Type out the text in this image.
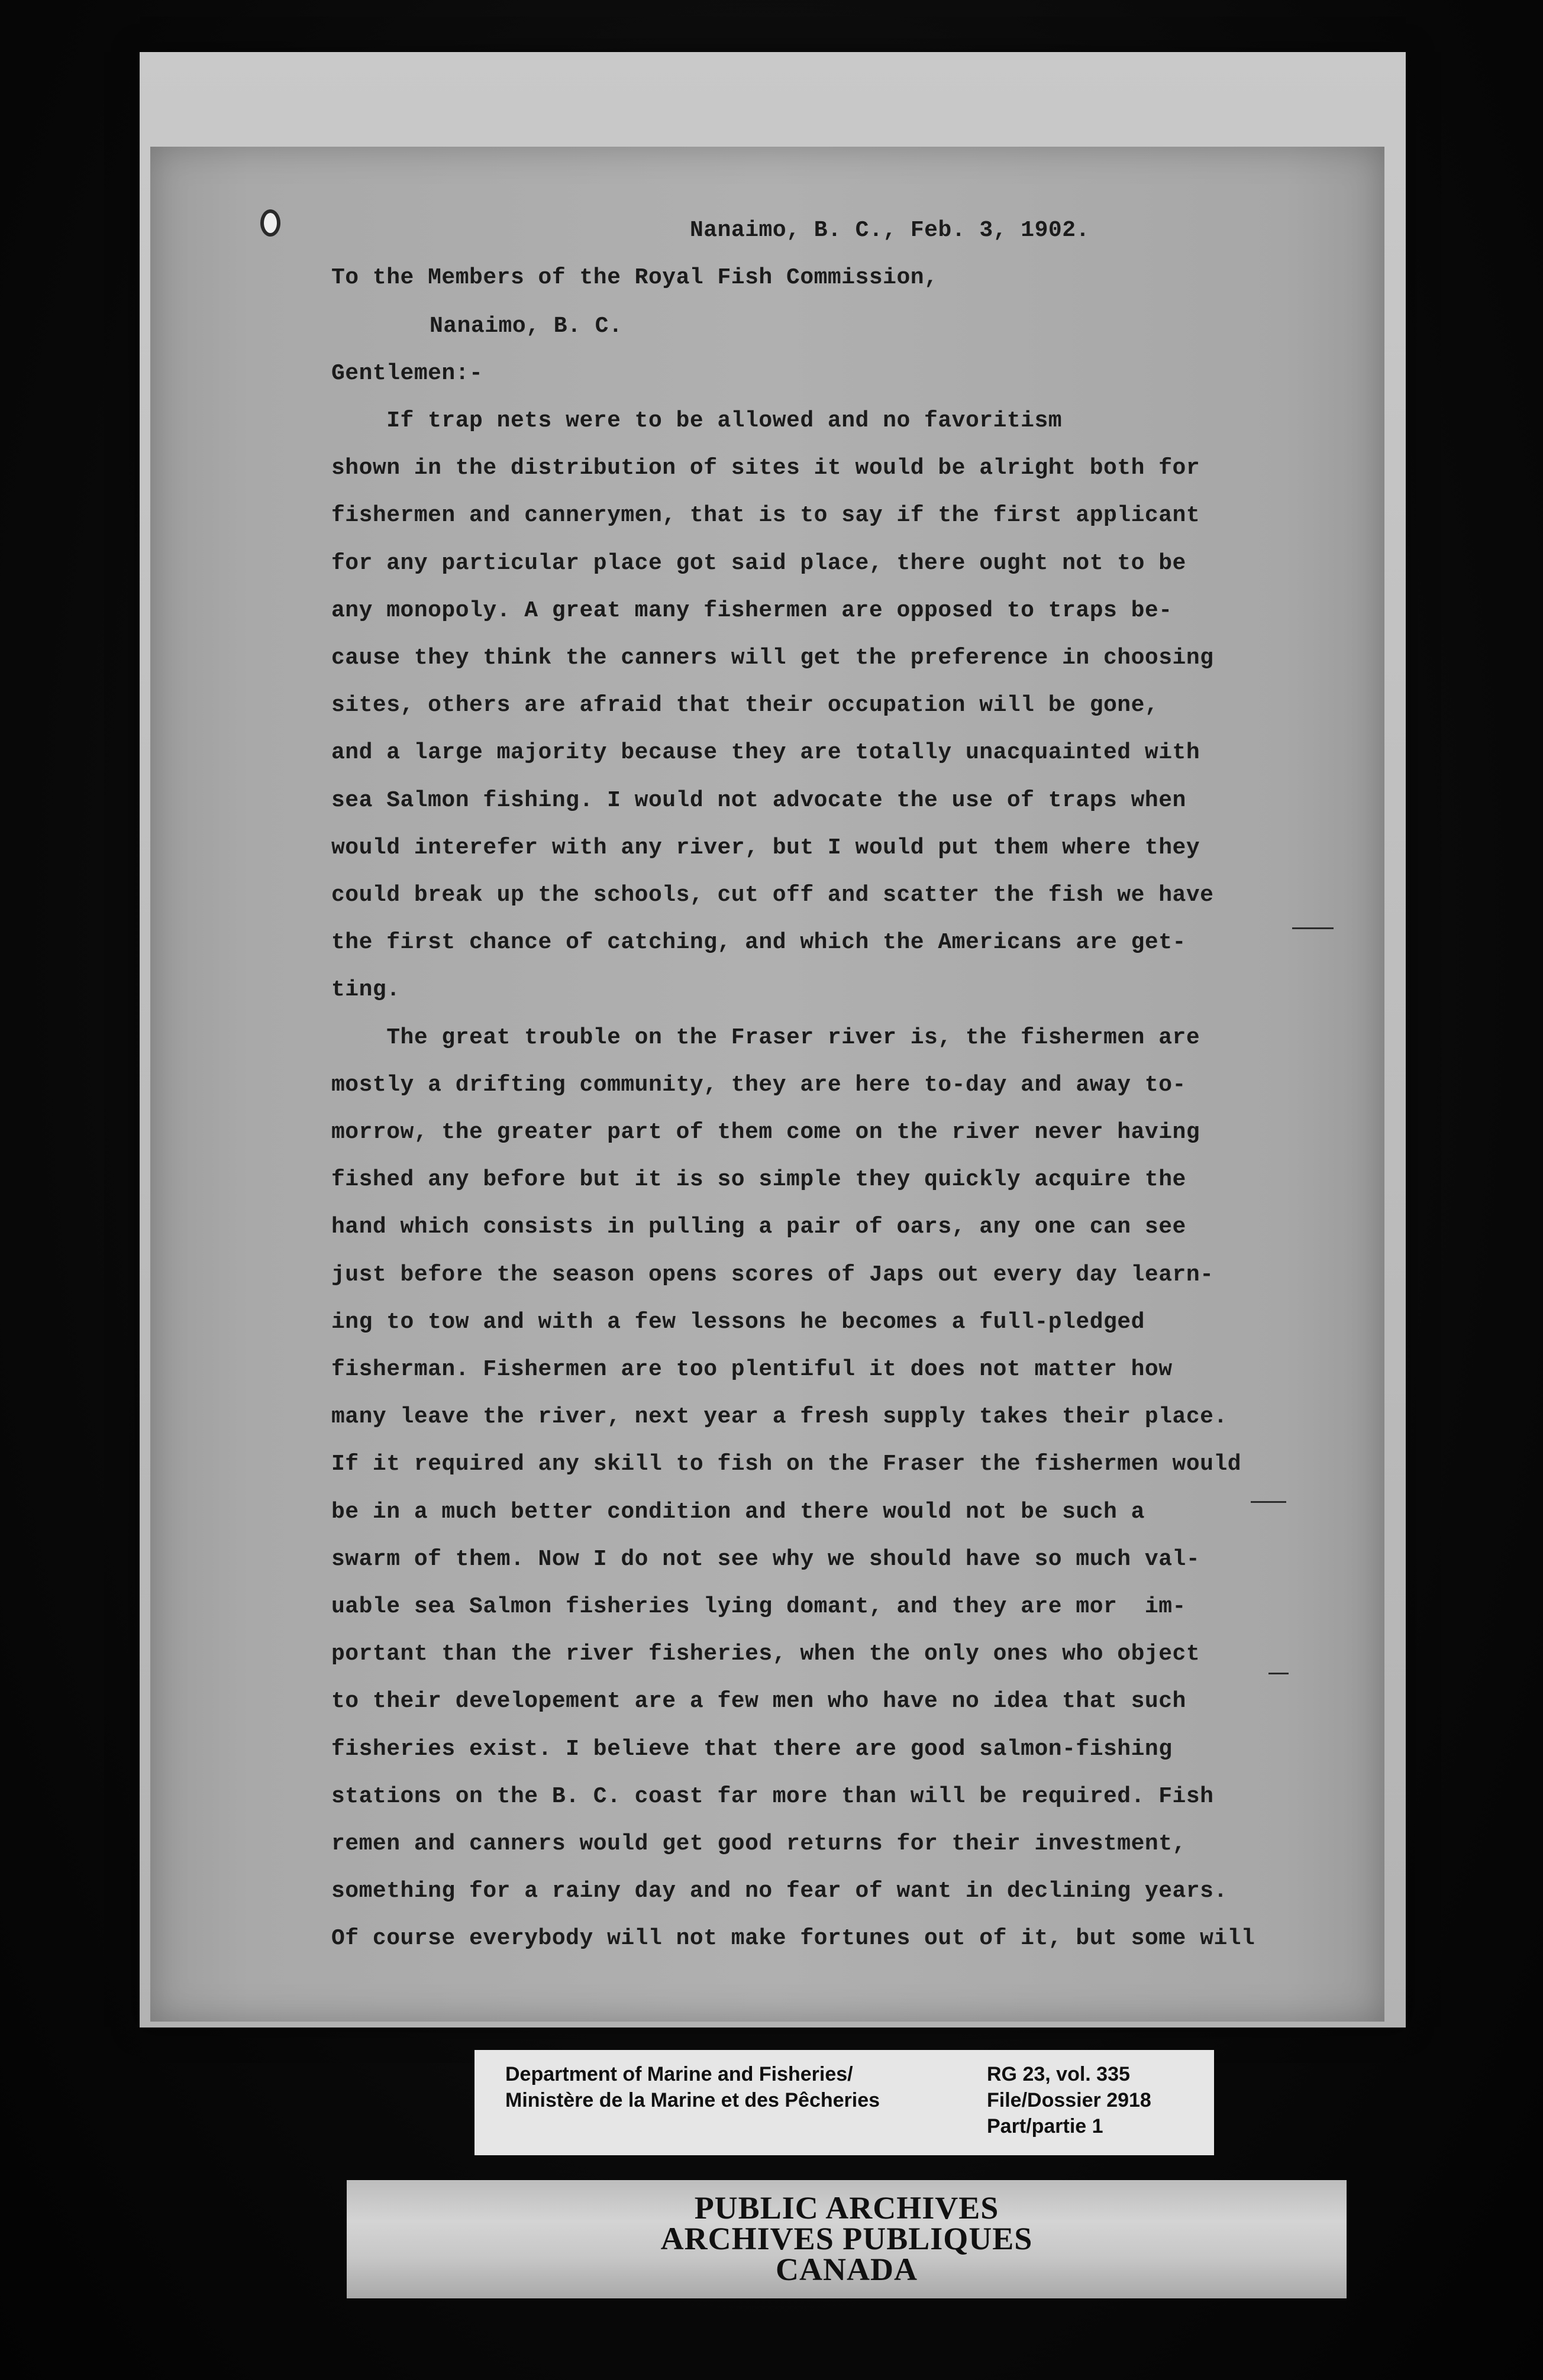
Nanaimo, B. C., Feb. 3, 1902.

To the Members of the Royal Fish Commission,

Nanaimo, B. C.

Gentlemen:-

If trap nets were to be allowed and no favoritism

shown in the distribution of sites it would be alright both for

fishermen and cannerymen, that is to say if the first applicant

for any particular place got said place, there ought not to be

any monopoly. A great many fishermen are opposed to traps be-

cause they think the canners will get the preference in choosing

sites, others are afraid that their occupation will be gone,

and a large majority because they are totally unacquainted with

sea Salmon fishing. I would not advocate the use of traps when

would interefer with any river, but I would put them where they

could break up the schools, cut off and scatter the fish we have

the first chance of catching, and which the Americans are get-

ting.

The great trouble on the Fraser river is, the fishermen are

mostly a drifting community, they are here to-day and away to-

morrow, the greater part of them come on the river never having

fished any before but it is so simple they quickly acquire the

hand which consists in pulling a pair of oars, any one can see

just before the season opens scores of Japs out every day learn-

ing to tow and with a few lessons he becomes a full-pledged

fisherman. Fishermen are too plentiful it does not matter how

many leave the river, next year a fresh supply takes their place.

If it required any skill to fish on the Fraser the fishermen would

be in a much better condition and there would not be such a

swarm of them. Now I do not see why we should have so much val-

uable sea Salmon fisheries lying domant, and they are mor  im-

portant than the river fisheries, when the only ones who object

to their developement are a few men who have no idea that such

fisheries exist. I believe that there are good salmon-fishing

stations on the B. C. coast far more than will be required. Fish

remen and canners would get good returns for their investment,

something for a rainy day and no fear of want in declining years.

Of course everybody will not make fortunes out of it, but some will

Department of Marine and Fisheries/

Ministère de la Marine et des Pêcheries

RG 23, vol. 335

File/Dossier 2918

Part/partie 1

PUBLIC ARCHIVES

ARCHIVES PUBLIQUES

CANADA
